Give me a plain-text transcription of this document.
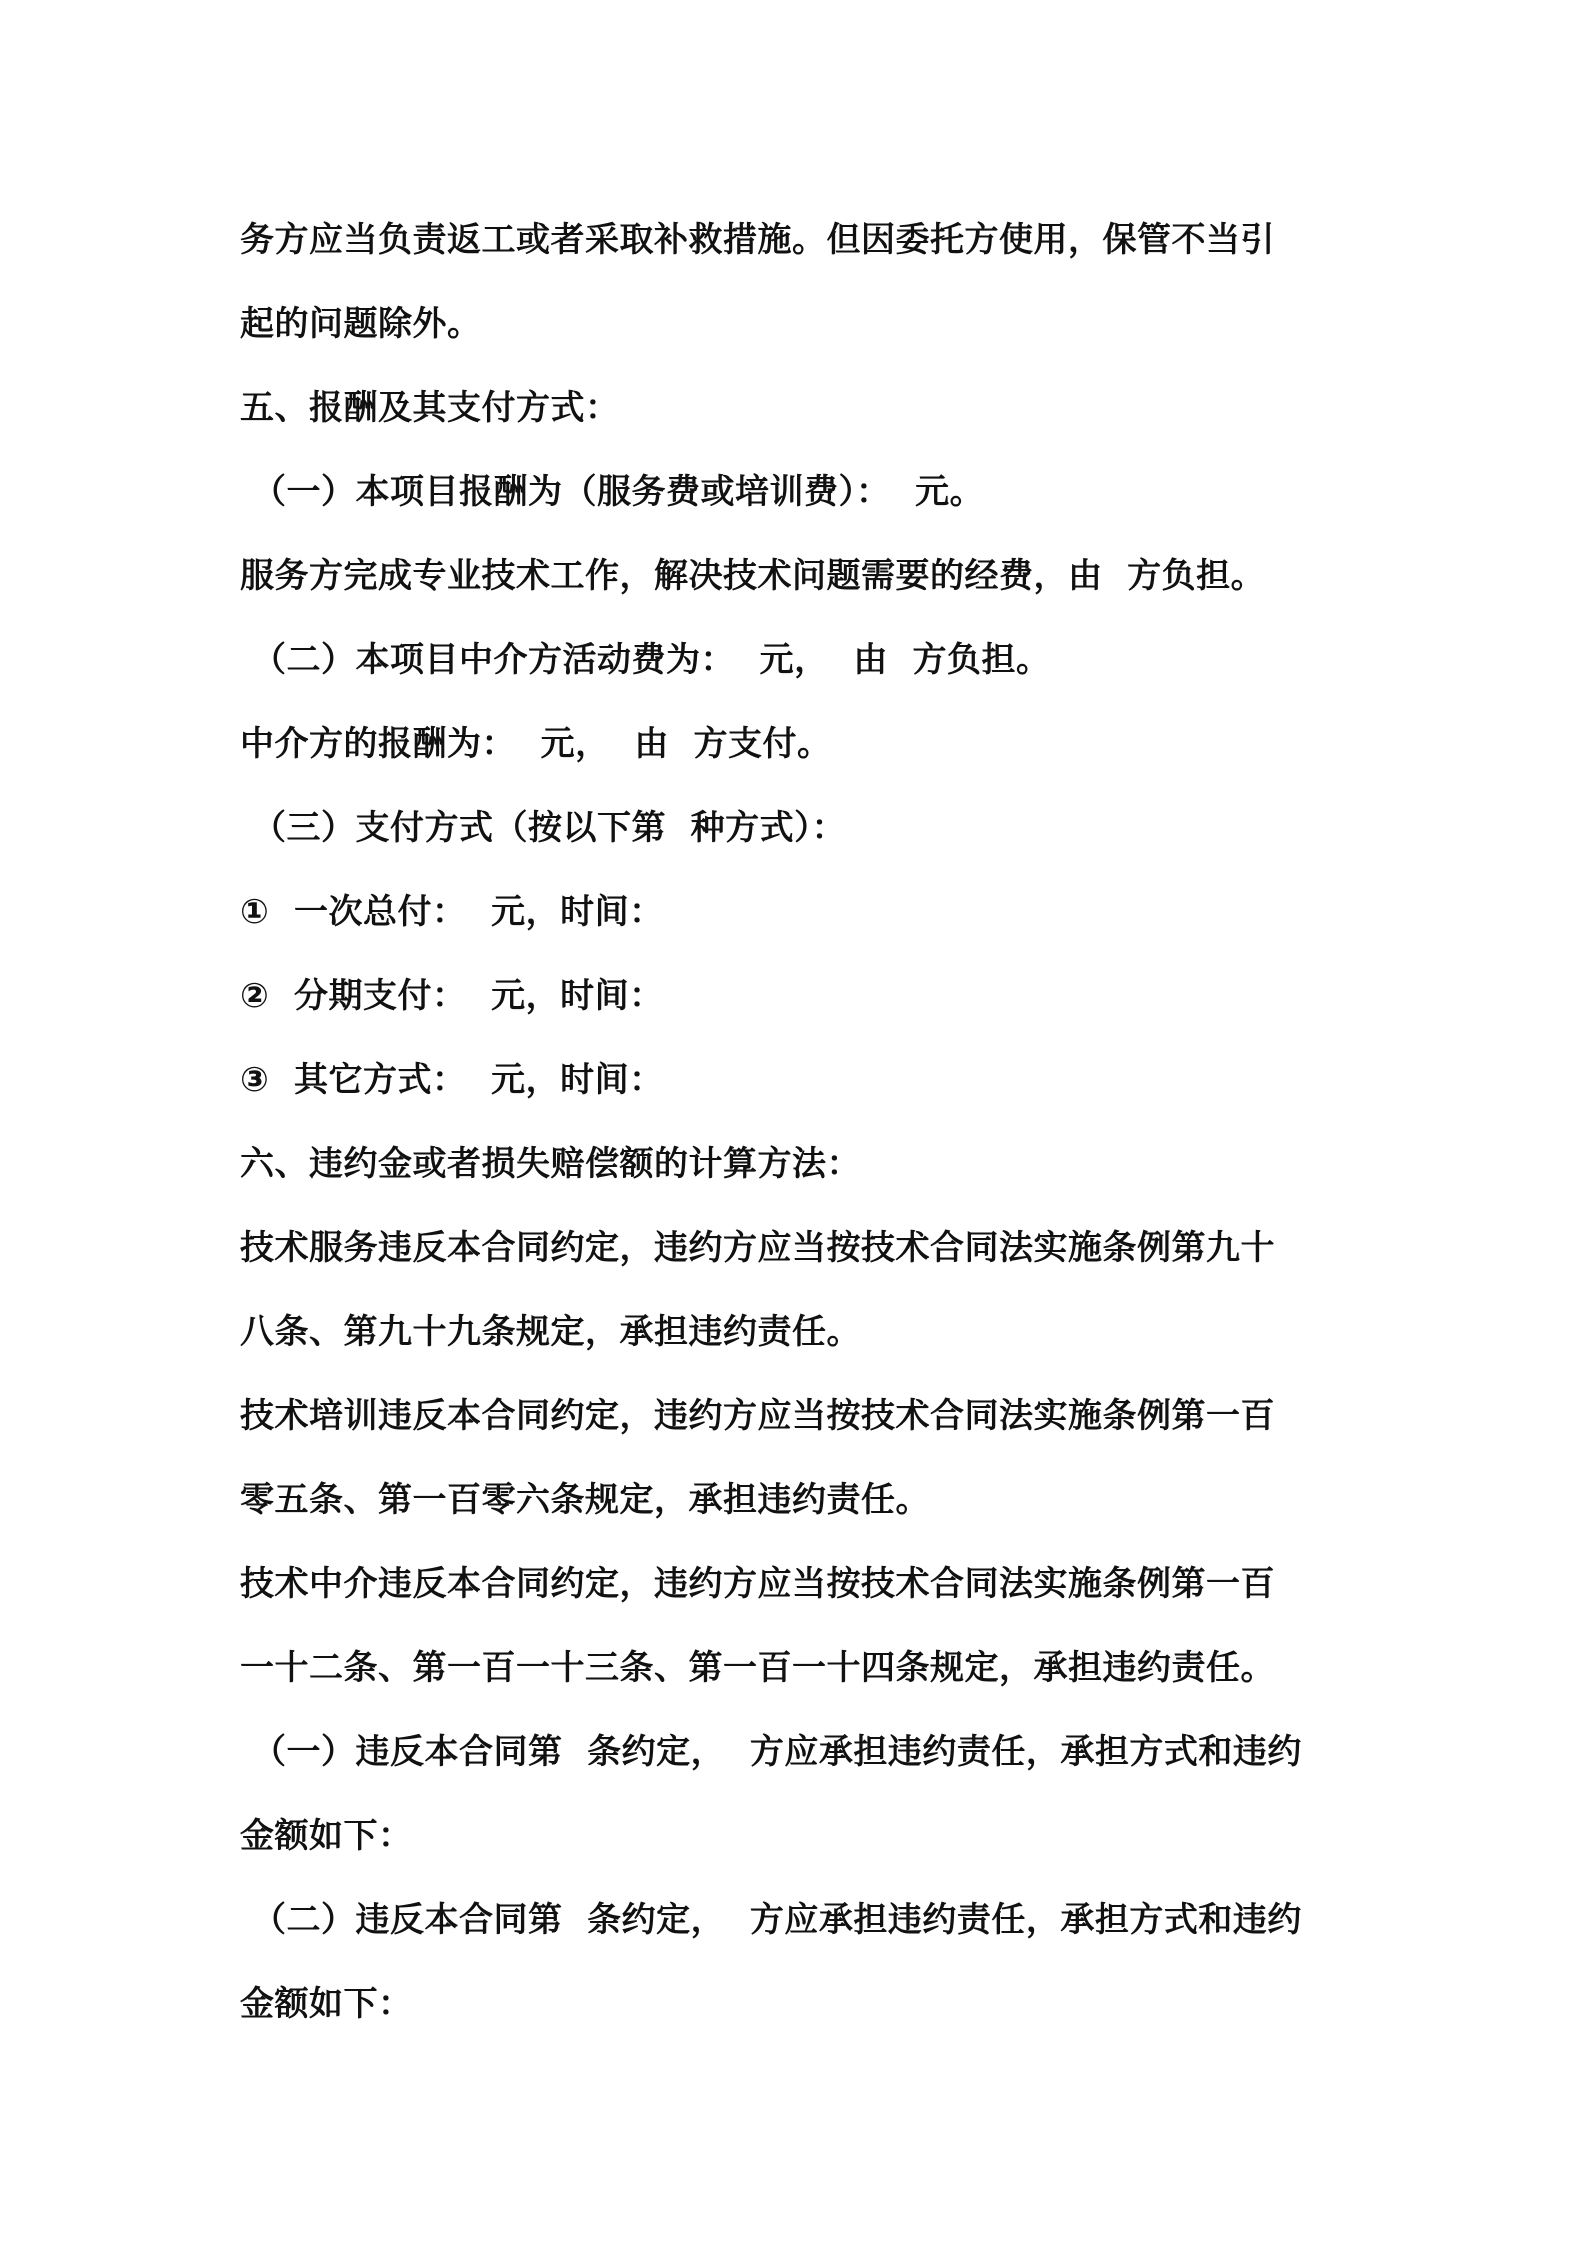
务方应当负责返工或者采取补救措施。但因委托方使用，保管不当引
起的问题除外。
五、报酬及其支付方式：
（一）本项目报酬为（服务费或培训费）：  元。
服务方完成专业技术工作，解决技术问题需要的经费，由  方负担。
（二）本项目中介方活动费为：  元，  由  方负担。
中介方的报酬为：  元，  由  方支付。
（三）支付方式（按以下第  种方式）：
①  一次总付：  元，时间：
②  分期支付：  元，时间：
③  其它方式：  元，时间：
六、违约金或者损失赔偿额的计算方法：
技术服务违反本合同约定，违约方应当按技术合同法实施条例第九十
八条、第九十九条规定，承担违约责任。
技术培训违反本合同约定，违约方应当按技术合同法实施条例第一百
零五条、第一百零六条规定，承担违约责任。
技术中介违反本合同约定，违约方应当按技术合同法实施条例第一百
一十二条、第一百一十三条、第一百一十四条规定，承担违约责任。
（一）违反本合同第  条约定，  方应承担违约责任，承担方式和违约
金额如下：
（二）违反本合同第  条约定，  方应承担违约责任，承担方式和违约
金额如下：
